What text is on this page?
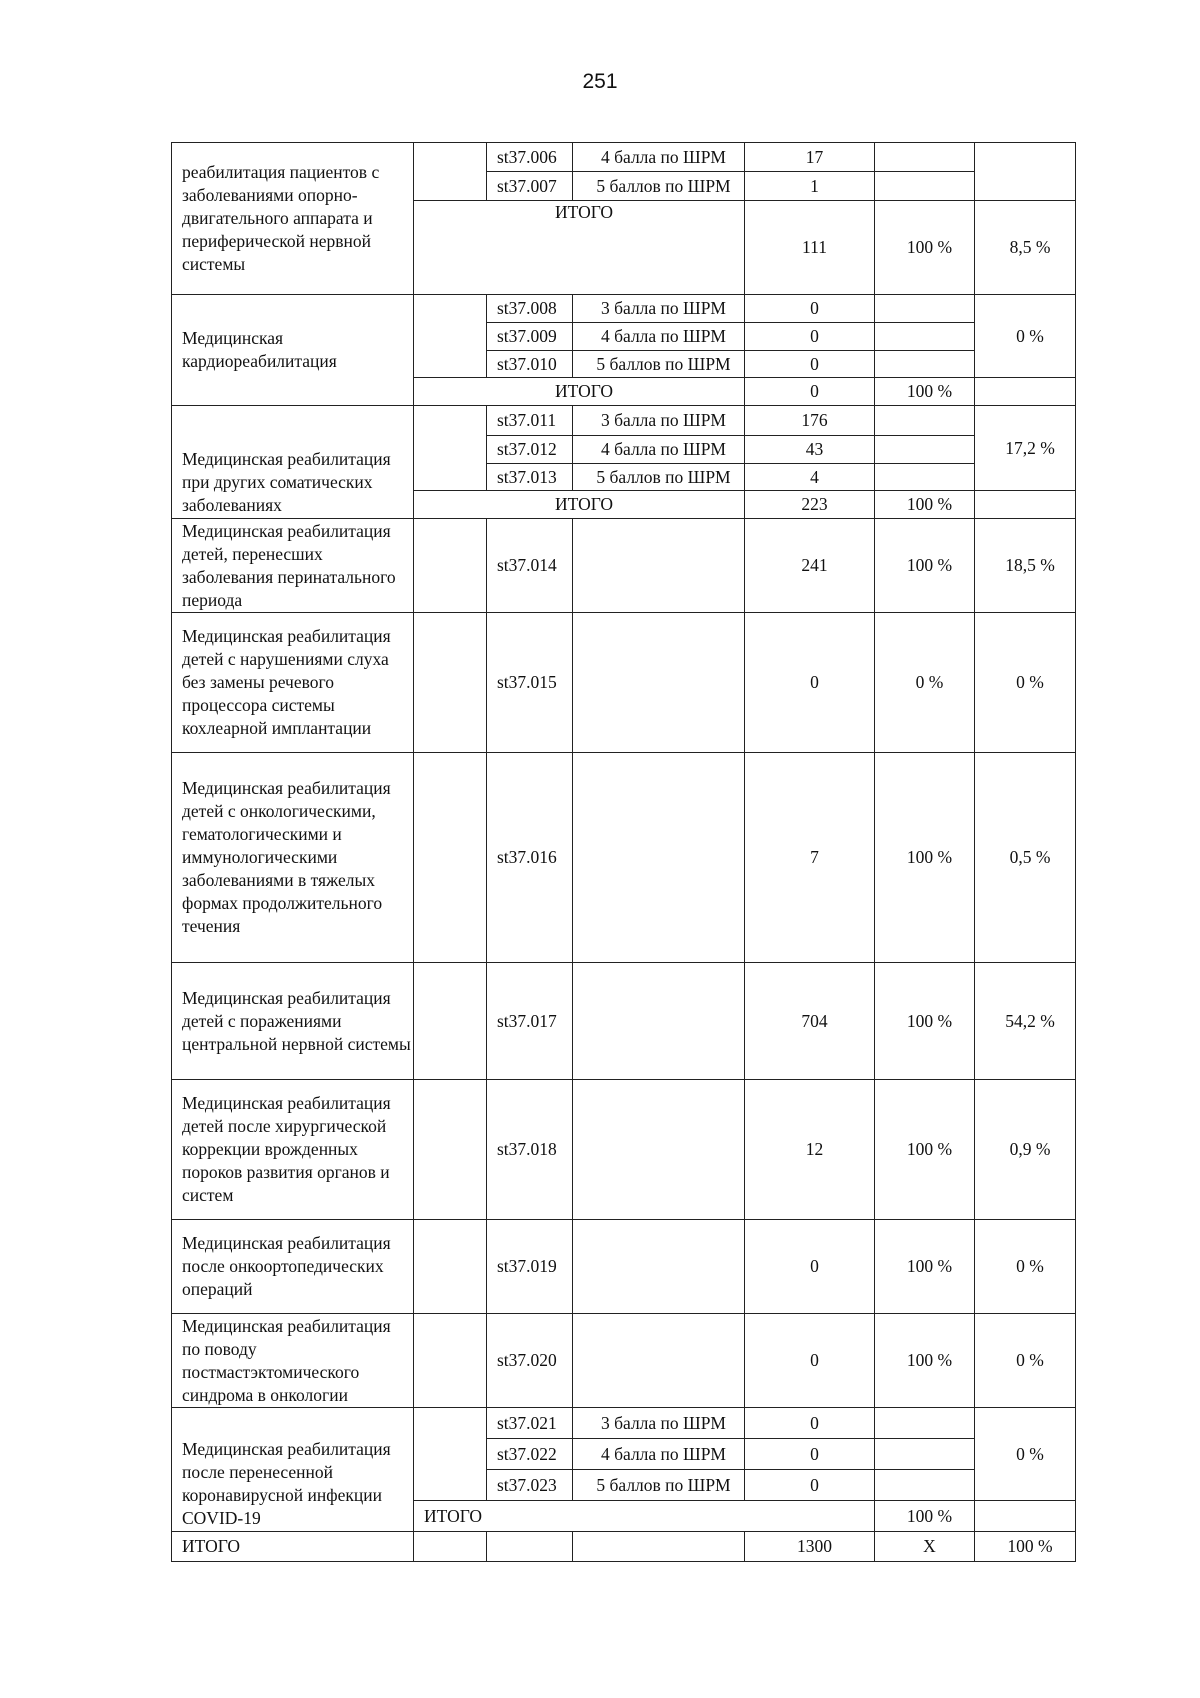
251
реабилитация пациентов с заболеваниями опорно-двигательного аппарата и периферической нервной системы		st37.006	4 балла по ШРМ	17		
		st37.007	5 баллов по ШРМ	1		
	ИТОГО			111	100 %	8,5 %
Медицинская кардиореабилитация		st37.008	3 балла по ШРМ	0		0 %
		st37.009	4 балла по ШРМ	0		
		st37.010	5 баллов по ШРМ	0		
	ИТОГО			0	100 %	
Медицинская реабилитация при других соматических заболеваниях		st37.011	3 балла по ШРМ	176		17,2 %
		st37.012	4 балла по ШРМ	43		
		st37.013	5 баллов по ШРМ	4		
	ИТОГО			223	100 %	
Медицинская реабилитация детей, перенесших заболевания перинатального периода		st37.014		241	100 %	18,5 %
Медицинская реабилитация детей с нарушениями слуха без замены речевого процессора системы кохлеарной имплантации		st37.015		0	0 %	0 %
Медицинская реабилитация детей с онкологическими, гематологическими и иммунологическими заболеваниями в тяжелых формах продолжительного течения		st37.016		7	100 %	0,5 %
Медицинская реабилитация детей с поражениями центральной нервной системы		st37.017		704	100 %	54,2 %
Медицинская реабилитация детей после хирургической коррекции врожденных пороков развития органов и систем		st37.018		12	100 %	0,9 %
Медицинская реабилитация после онкоортопедических операций		st37.019		0	100 %	0 %
Медицинская реабилитация по поводу постмастэктомического синдрома в онкологии		st37.020		0	100 %	0 %
Медицинская реабилитация после перенесенной коронавирусной инфекции COVID-19		st37.021	3 балла по ШРМ	0		0 %
		st37.022	4 балла по ШРМ	0		
		st37.023	5 баллов по ШРМ	0		
	ИТОГО				100 %	
ИТОГО				1300	Х	100 %
